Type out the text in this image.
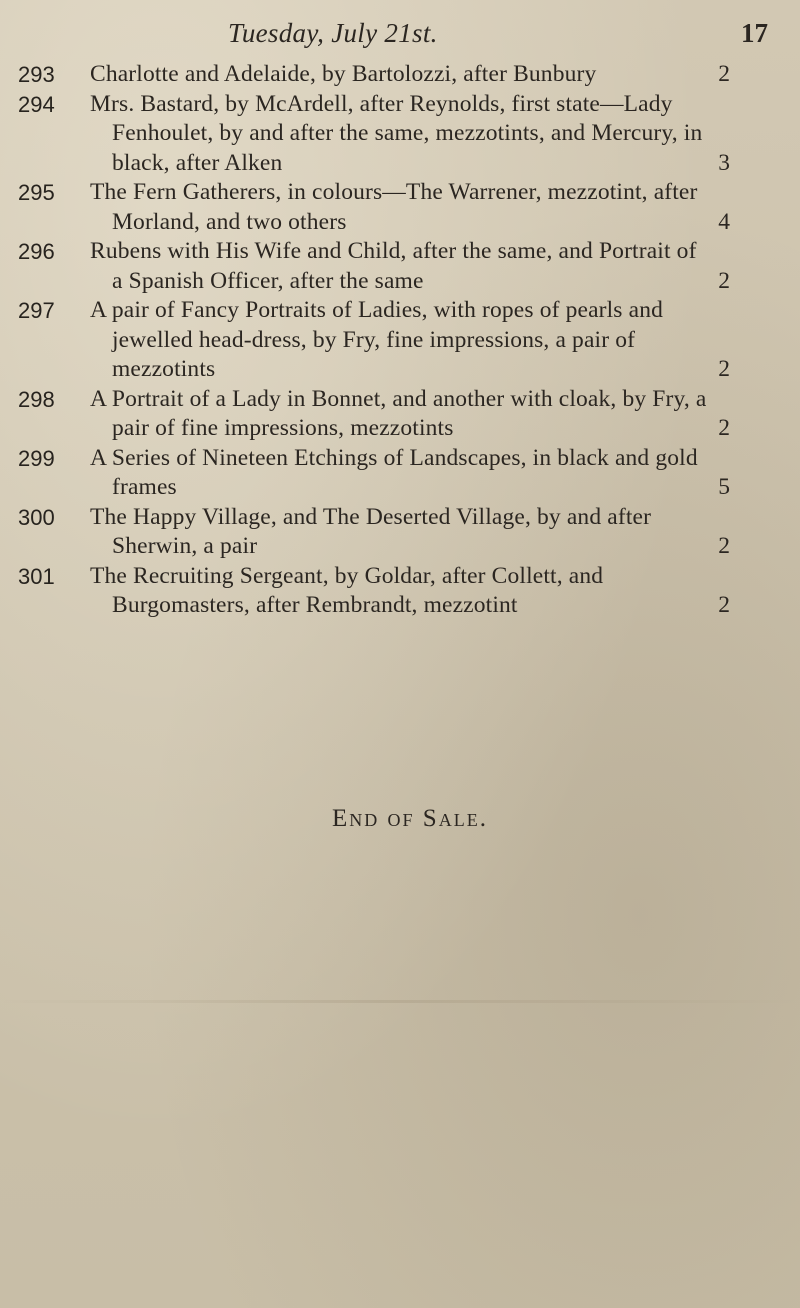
Tuesday, July 21st.	17
293	Charlotte and Adelaide, by Bartolozzi, after Bunbury	2
294	Mrs. Bastard, by McArdell, after Reynolds, first state—Lady Fenhoulet, by and after the same, mezzotints, and Mercury, in black, after Alken	3
295	The Fern Gatherers, in colours—The Warrener, mezzotint, after Morland, and two others	4
296	Rubens with His Wife and Child, after the same, and Portrait of a Spanish Officer, after the same	2
297	A pair of Fancy Portraits of Ladies, with ropes of pearls and jewelled head-dress, by Fry, fine impressions, a pair of mezzotints	2
298	A Portrait of a Lady in Bonnet, and another with cloak, by Fry, a pair of fine impressions, mezzotints	2
299	A Series of Nineteen Etchings of Landscapes, in black and gold frames	5
300	The Happy Village, and The Deserted Village, by and after Sherwin, a pair	2
301	The Recruiting Sergeant, by Goldar, after Collett, and Burgomasters, after Rembrandt, mezzotint	2
End of Sale.
